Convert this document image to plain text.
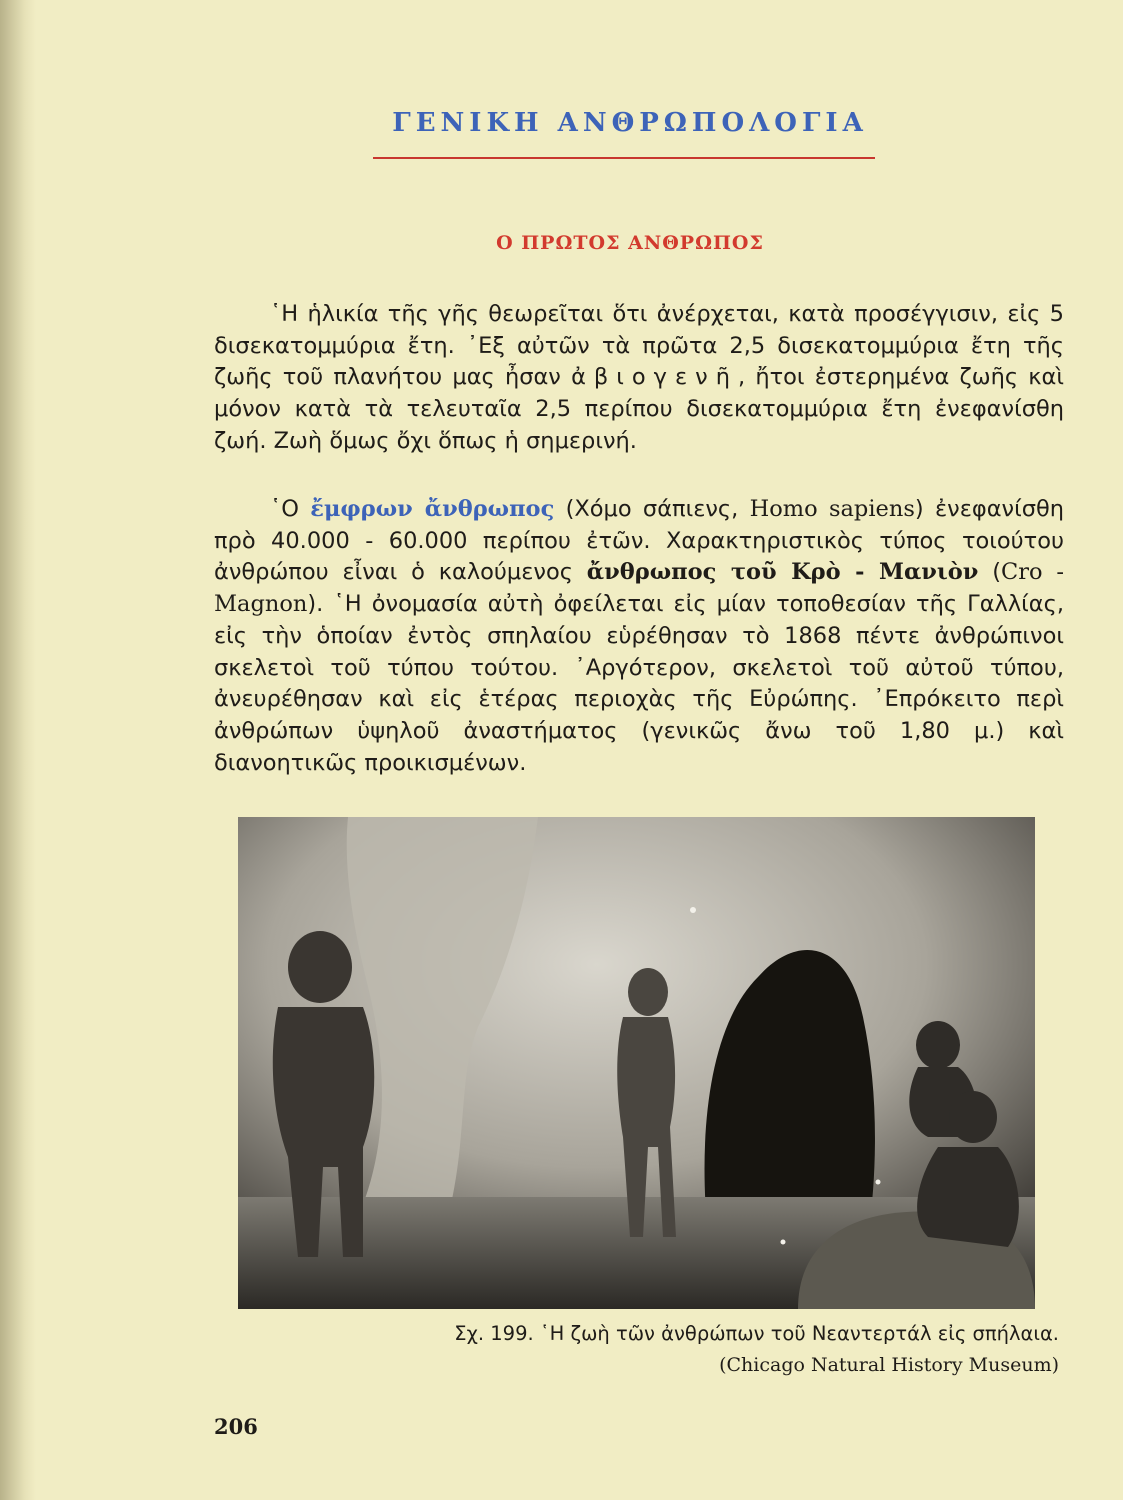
ΓΕΝΙΚΗ ΑΝΘΡΩΠΟΛΟΓΙΑ
Ο ΠΡΩΤΟΣ ΑΝΘΡΩΠΟΣ
῾Η ἡλικία τῆς γῆς θεωρεῖται ὅτι ἀνέρχεται, κατὰ προσέγγισιν, εἰς 5 δισεκατομμύρια ἔτη. ᾿Εξ αὐτῶν τὰ πρῶτα 2,5 δισεκατομμύρια ἔτη τῆς ζωῆς τοῦ πλανήτου μας ἦσαν ἀβιογενῆ, ἤτοι ἐστερημένα ζωῆς καὶ μόνον κατὰ τὰ τελευταῖα 2,5 περίπου δισεκατομμύρια ἔτη ἐνεφανίσθη ζωή. Ζωὴ ὅμως ὄχι ὅπως ἡ σημερινή.
῾Ο ἔμφρων ἄνθρωπος (Χόμο σάπιενς, Homo sapiens) ἐνεφανίσθη πρὸ 40.000 - 60.000 περίπου ἐτῶν. Χαρακτηριστικὸς τύπος τοιούτου ἀνθρώπου εἶναι ὁ καλούμενος ἄνθρωπος τοῦ Κρὸ - Μανιὸν (Cro - Magnon). ῾Η ὀνομασία αὐτὴ ὀφείλεται εἰς μίαν τοποθεσίαν τῆς Γαλλίας, εἰς τὴν ὁποίαν ἐντὸς σπηλαίου εὑρέθησαν τὸ 1868 πέντε ἀνθρώπινοι σκελετοὶ τοῦ τύπου τούτου. ᾿Αργότερον, σκελετοὶ τοῦ αὐτοῦ τύπου, ἀνευρέθησαν καὶ εἰς ἑτέρας περιοχὰς τῆς Εὐρώπης. ᾿Επρόκειτο περὶ ἀνθρώπων ὑψηλοῦ ἀναστήματος (γενικῶς ἄνω τοῦ 1,80 μ.) καὶ διανοητικῶς προικισμένων.
Σχ. 199. ῾Η ζωὴ τῶν ἀνθρώπων τοῦ Νεαντερτάλ εἰς σπήλαια.
(Chicago Natural History Museum)
206
